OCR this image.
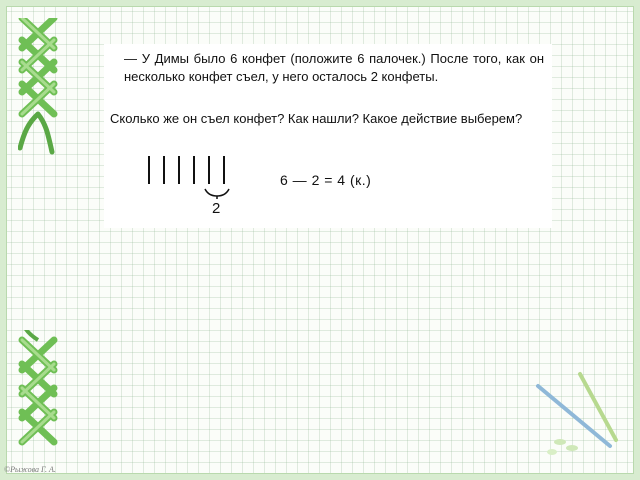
— У Димы было 6 конфет (положите 6 палочек.) После того, как он несколько конфет съел, у него осталось 2 конфеты.

Сколько же он съел конфет? Как нашли? Какое действие выберем?

2
6 — 2 = 4 (к.)
©Рыжова Г. А.
